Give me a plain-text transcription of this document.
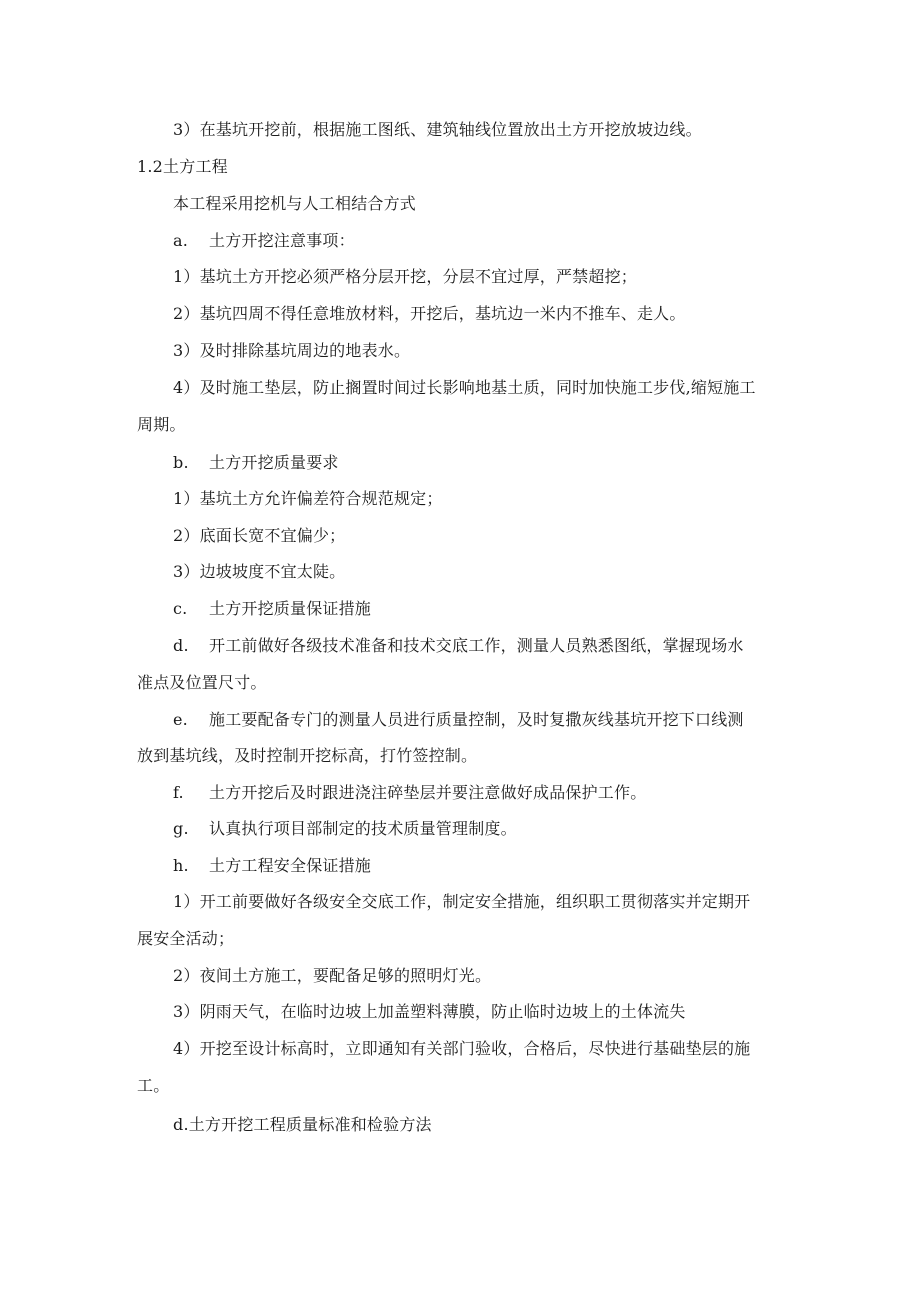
3）在基坑开挖前，根据施工图纸、建筑轴线位置放出土方开挖放坡边线。
1.2土方工程
本工程采用挖机与人工相结合方式
a. 土方开挖注意事项：
1）基坑土方开挖必须严格分层开挖，分层不宜过厚，严禁超挖；
2）基坑四周不得任意堆放材料，开挖后，基坑边一米内不推车、走人。
3）及时排除基坑周边的地表水。
4）及时施工垫层，防止搁置时间过长影响地基土质，同时加快施工步伐,缩短施工
周期。
b. 土方开挖质量要求
1）基坑土方允许偏差符合规范规定；
2）底面长宽不宜偏少；
3）边坡坡度不宜太陡。
c. 土方开挖质量保证措施
d. 开工前做好各级技术准备和技术交底工作，测量人员熟悉图纸，掌握现场水
准点及位置尺寸。
e. 施工要配备专门的测量人员进行质量控制，及时复撒灰线基坑开挖下口线测
放到基坑线，及时控制开挖标高，打竹签控制。
f. 土方开挖后及时跟进浇注碎垫层并要注意做好成品保护工作。
g. 认真执行项目部制定的技术质量管理制度。
h. 土方工程安全保证措施
1）开工前要做好各级安全交底工作，制定安全措施，组织职工贯彻落实并定期开
展安全活动；
2）夜间土方施工，要配备足够的照明灯光。
3）阴雨天气，在临时边坡上加盖塑料薄膜，防止临时边坡上的土体流失
4）开挖至设计标高时，立即通知有关部门验收，合格后，尽快进行基础垫层的施
工。
d.土方开挖工程质量标准和检验方法
